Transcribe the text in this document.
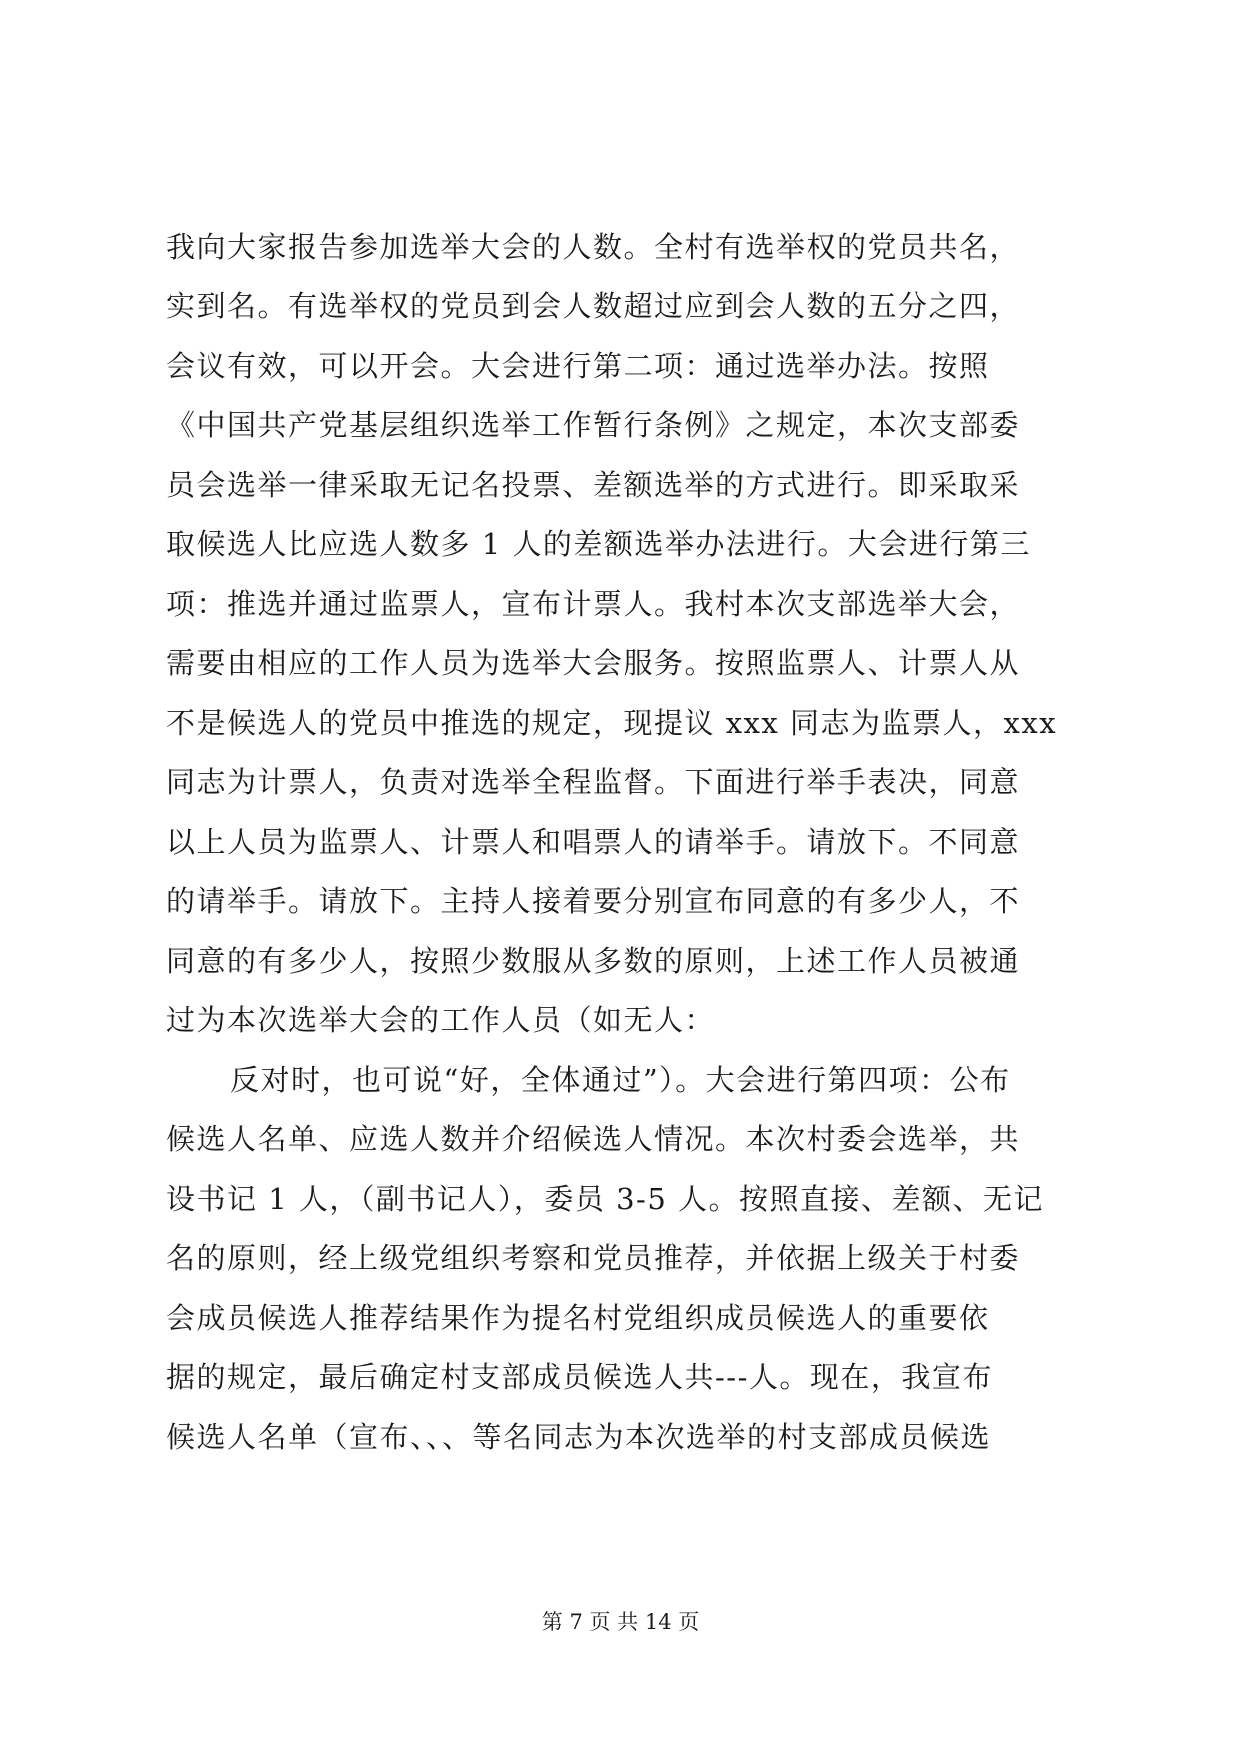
我向大家报告参加选举大会的人数。全村有选举权的党员共名，
实到名。有选举权的党员到会人数超过应到会人数的五分之四，
会议有效，可以开会。大会进行第二项：通过选举办法。按照
《中国共产党基层组织选举工作暂行条例》之规定，本次支部委
员会选举一律采取无记名投票、差额选举的方式进行。即采取采
取候选人比应选人数多 1 人的差额选举办法进行。大会进行第三
项：推选并通过监票人，宣布计票人。我村本次支部选举大会，
需要由相应的工作人员为选举大会服务。按照监票人、计票人从
不是候选人的党员中推选的规定，现提议 xxx 同志为监票人，xxx
同志为计票人，负责对选举全程监督。下面进行举手表决，同意
以上人员为监票人、计票人和唱票人的请举手。请放下。不同意
的请举手。请放下。主持人接着要分别宣布同意的有多少人，不
同意的有多少人，按照少数服从多数的原则，上述工作人员被通
过为本次选举大会的工作人员（如无人：
反对时，也可说“好，全体通过”）。大会进行第四项：公布
候选人名单、应选人数并介绍候选人情况。本次村委会选举，共
设书记 1 人，（副书记人），委员 3-5 人。按照直接、差额、无记
名的原则，经上级党组织考察和党员推荐，并依据上级关于村委
会成员候选人推荐结果作为提名村党组织成员候选人的重要依
据的规定，最后确定村支部成员候选人共---人。现在，我宣布
候选人名单（宣布、、、等名同志为本次选举的村支部成员候选
第 7 页 共 14 页
